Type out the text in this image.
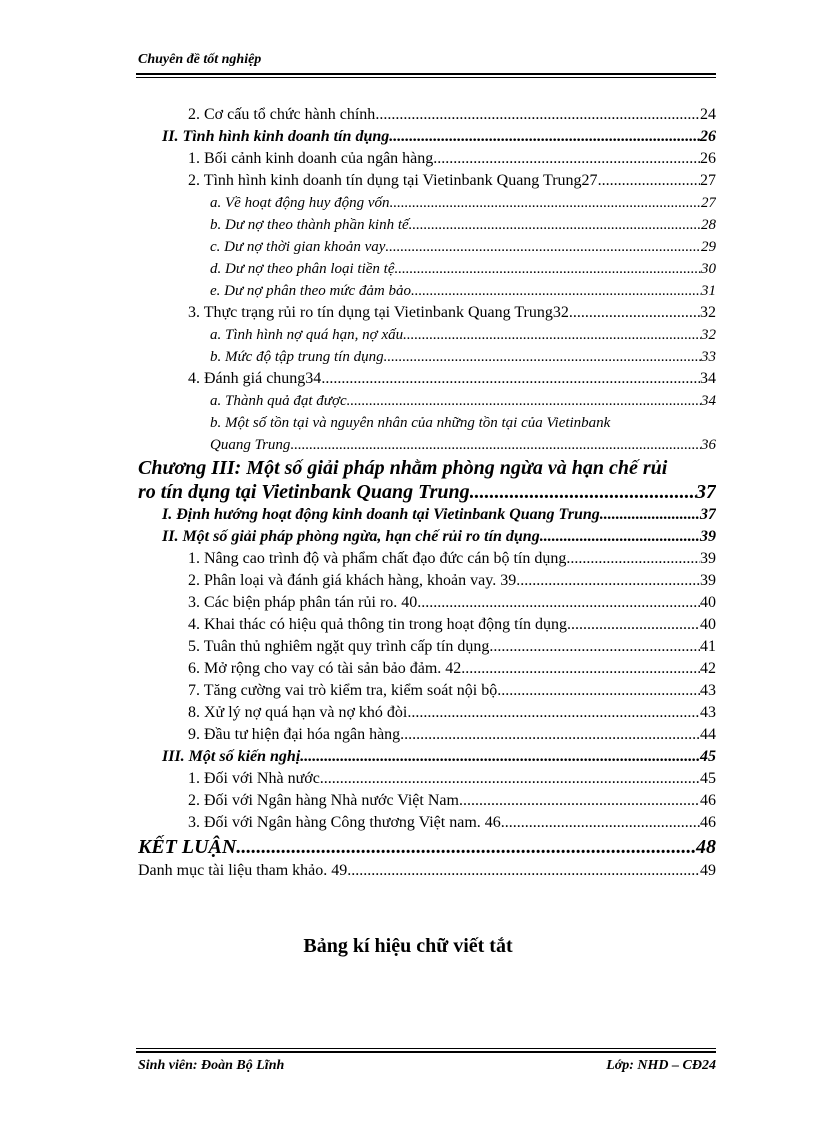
Chuyên đề tốt nghiệp
2. Cơ cấu tổ chức hành chính .....	24
II. Tình hình kinh doanh tín dụng .....	26
1. Bối cảnh kinh doanh của ngân hàng .....	26
2. Tình hình kinh doanh tín dụng tại Vietinbank Quang Trung27 .....	27
a. Về hoạt động huy động vốn .....	27
b. Dư nợ theo thành phần kinh tế .....	28
c. Dư nợ thời gian khoản vay .....	29
d. Dư nợ theo phân loại tiền tệ .....	30
e. Dư nợ phân theo mức đảm bảo .....	31
3. Thực trạng rủi ro tín dụng tại Vietinbank Quang Trung32 .....	32
a. Tình hình nợ quá hạn, nợ xấu .....	32
b. Mức độ tập trung tín dụng .....	33
4. Đánh giá chung34 .....	34
a. Thành quả đạt được .....	34
b. Một số tồn tại và nguyên nhân của những tồn tại của Vietinbank
Quang Trung .....	36
Chương III: Một số giải pháp nhằm phòng ngừa và hạn chế rủi
ro tín dụng tại Vietinbank Quang Trung .....	37
I. Định hướng hoạt động kinh doanh tại Vietinbank Quang Trung .....	37
II. Một số giải pháp phòng ngừa, hạn chế rủi ro tín dụng .....	39
1. Nâng cao trình độ và phẩm chất đạo đức cán bộ tín dụng .....	39
2. Phân loại và đánh giá khách hàng, khoản vay. 39 .....	39
3. Các biện pháp phân tán rủi ro. 40 .....	40
4. Khai thác có hiệu quả thông tin trong hoạt động tín dụng .....	40
5. Tuân thủ nghiêm ngặt quy trình cấp tín dụng .....	41
6. Mở rộng cho vay có tài sản bảo đảm. 42 .....	42
7. Tăng cường vai trò kiểm tra, kiểm soát nội bộ .....	43
8. Xử lý nợ quá hạn và nợ khó đòi .....	43
9. Đầu tư hiện đại hóa ngân hàng .....	44
III. Một số kiến nghị .....	45
1. Đối với Nhà nước .....	45
2. Đối với Ngân hàng Nhà nước Việt Nam .....	46
3. Đối với Ngân hàng Công thương Việt nam. 46 .....	46
KẾT LUẬN .....	48
Danh mục tài liệu tham khảo. 49 .....	49
Bảng kí hiệu chữ viết tắt
Sinh viên: Đoàn Bộ Lĩnh	Lớp: NHD – CĐ24
